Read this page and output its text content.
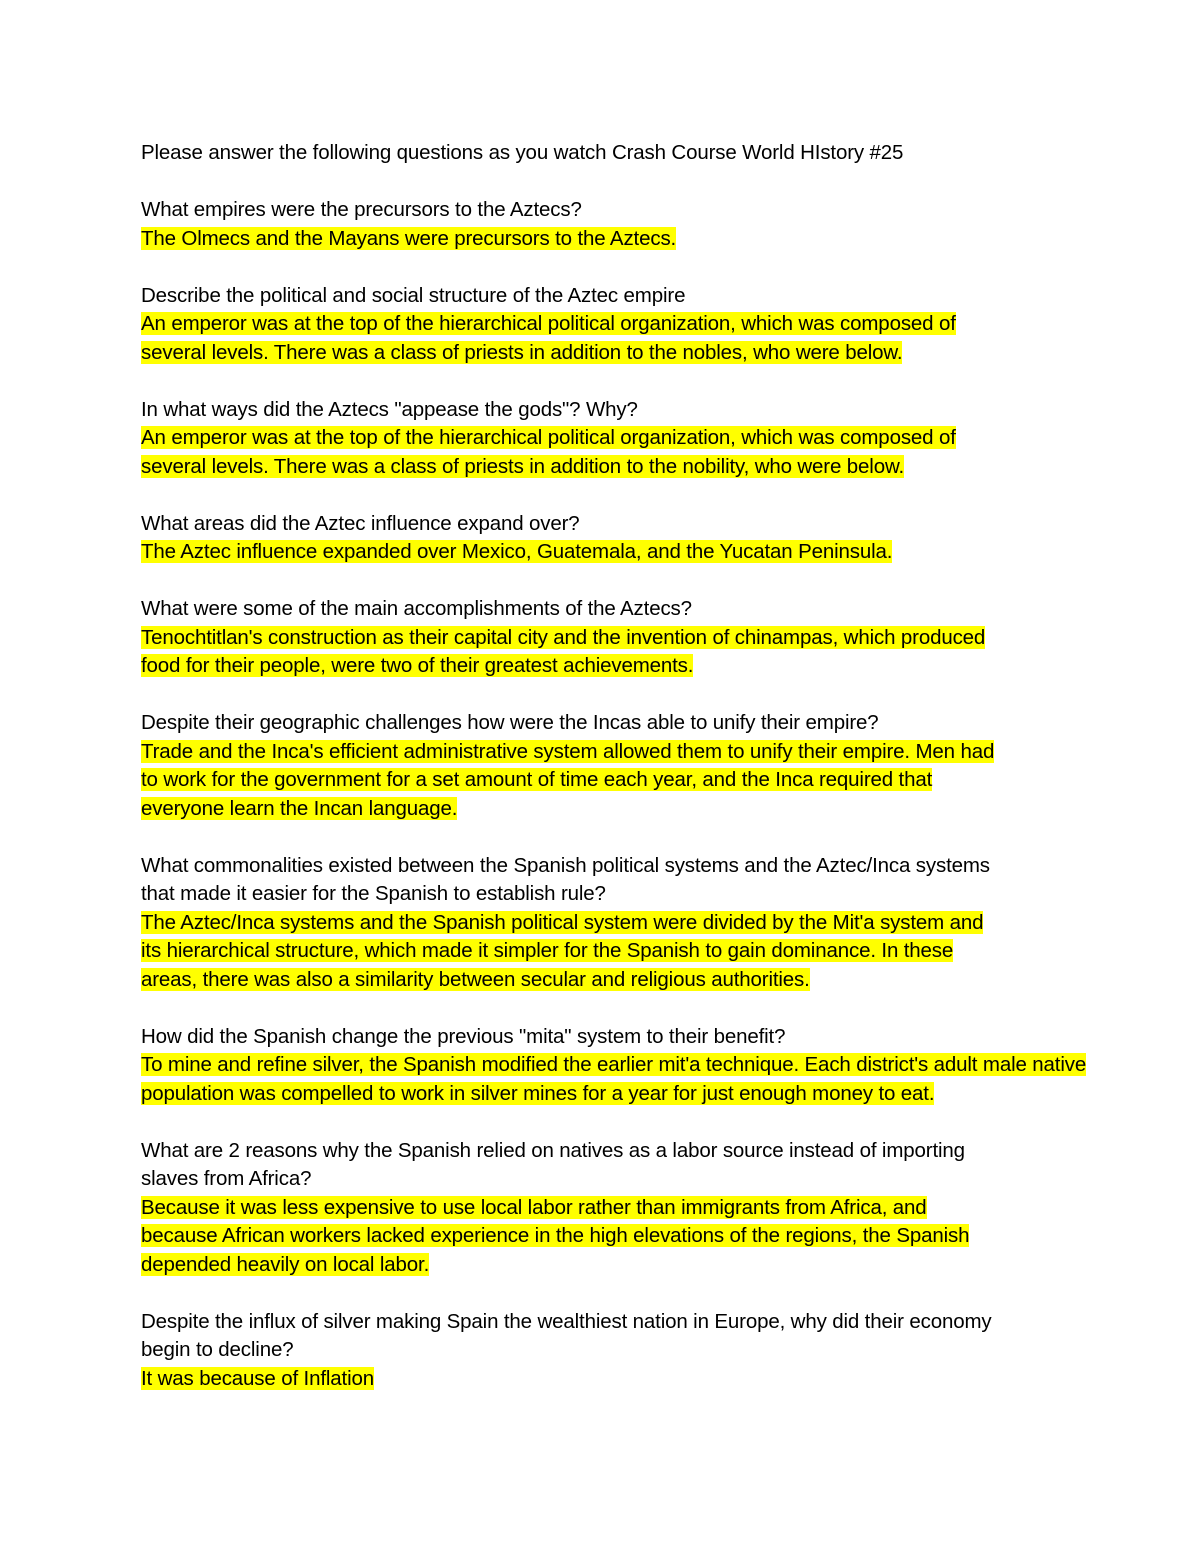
Please answer the following questions as you watch Crash Course World HIstory #25
What empires were the precursors to the Aztecs?
The Olmecs and the Mayans were precursors to the Aztecs.
Describe the political and social structure of the Aztec empire
An emperor was at the top of the hierarchical political organization, which was composed of
several levels. There was a class of priests in addition to the nobles, who were below.
In what ways did the Aztecs "appease the gods"? Why?
An emperor was at the top of the hierarchical political organization, which was composed of
several levels. There was a class of priests in addition to the nobility, who were below.
What areas did the Aztec influence expand over?
The Aztec influence expanded over Mexico, Guatemala, and the Yucatan Peninsula.
What were some of the main accomplishments of the Aztecs?
Tenochtitlan's construction as their capital city and the invention of chinampas, which produced
food for their people, were two of their greatest achievements.
Despite their geographic challenges how were the Incas able to unify their empire?
Trade and the Inca's efficient administrative system allowed them to unify their empire. Men had
to work for the government for a set amount of time each year, and the Inca required that
everyone learn the Incan language.
What commonalities existed between the Spanish political systems and the Aztec/Inca systems
that made it easier for the Spanish to establish rule?
The Aztec/Inca systems and the Spanish political system were divided by the Mit'a system and
its hierarchical structure, which made it simpler for the Spanish to gain dominance. In these
areas, there was also a similarity between secular and religious authorities.
How did the Spanish change the previous "mita" system to their benefit?
To mine and refine silver, the Spanish modified the earlier mit'a technique. Each district's adult male native
population was compelled to work in silver mines for a year for just enough money to eat.
What are 2 reasons why the Spanish relied on natives as a labor source instead of importing
slaves from Africa?
Because it was less expensive to use local labor rather than immigrants from Africa, and
because African workers lacked experience in the high elevations of the regions, the Spanish
depended heavily on local labor.
Despite the influx of silver making Spain the wealthiest nation in Europe, why did their economy
begin to decline?
It was because of Inflation
